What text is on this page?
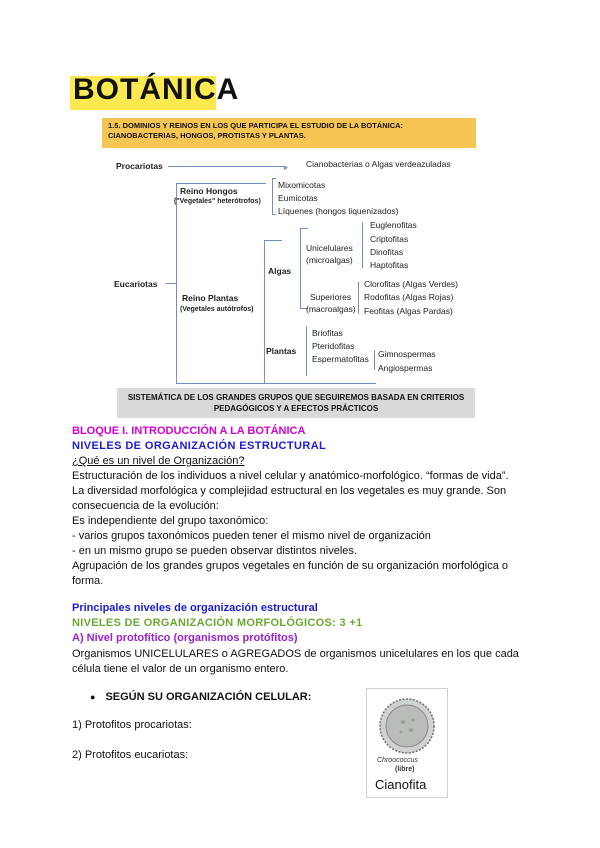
BOTÁNICA
1.5. DOMINIOS Y REINOS EN LOS QUE PARTICIPA EL ESTUDIO DE LA BOTÁNICA: CIANOBACTERIAS, HONGOS, PROTISTAS Y PLANTAS.
▸
Procariotas	Cianobacterias o Algas verdeazuladas
Eucariotas
Reino Hongos
("Vegetales" heterótrofos)
Mixomicotas
Eumicotas
Líquenes (hongos liquenizados)
Reino Plantas
(Vegetales autótrofos)
Algas
Unicelulares
(microalgas)
Euglenofitas
Criptofitas
Dinofitas
Haptofitas
Superiores
(macroalgas)
Clorofitas (Algas Verdes)
Rodofitas (Algas Rojas)
Feofitas (Algas Pardas)
Plantas
Briofitas
Pteridofitas
Espermatofitas Gimnospermas
Angiospermas
SISTEMÁTICA DE LOS GRANDES GRUPOS QUE SEGUIREMOS BASADA EN CRITERIOS PEDAGÓGICOS Y A EFECTOS PRÁCTICOS
BLOQUE I. INTRODUCCIÓN A LA BOTÁNICA
NIVELES DE ORGANIZACIÓN ESTRUCTURAL
¿Qué es un nivel de Organización?
Estructuración de los individuos a nivel celular y anatómico-morfológico. “formas de vida”.
La diversidad morfológica y complejidad estructural en los vegetales es muy grande. Son
consecuencia de la evolución:
Es independiente del grupo taxonómico:
- varios grupos taxonómicos pueden tener el mismo nivel de organización
- en un mismo grupo se pueden observar distintos niveles.
Agrupación de los grandes grupos vegetales en función de su organización morfológica o
forma.
Principales niveles de organización estructural
NIVELES DE ORGANIZACIÓN MORFOLÓGICOS: 3 +1
A) Nivel protofítico (organismos protófitos)
Organismos UNICELULARES o AGREGADOS de organismos unicelulares en los que cada
célula tiene el valor de un organismo entero.
● SEGÚN SU ORGANIZACIÓN CELULAR:
1) Protofitos procariotas:
2) Protofitos eucariotas:	Chroococcus
(libre)
Cianofita
